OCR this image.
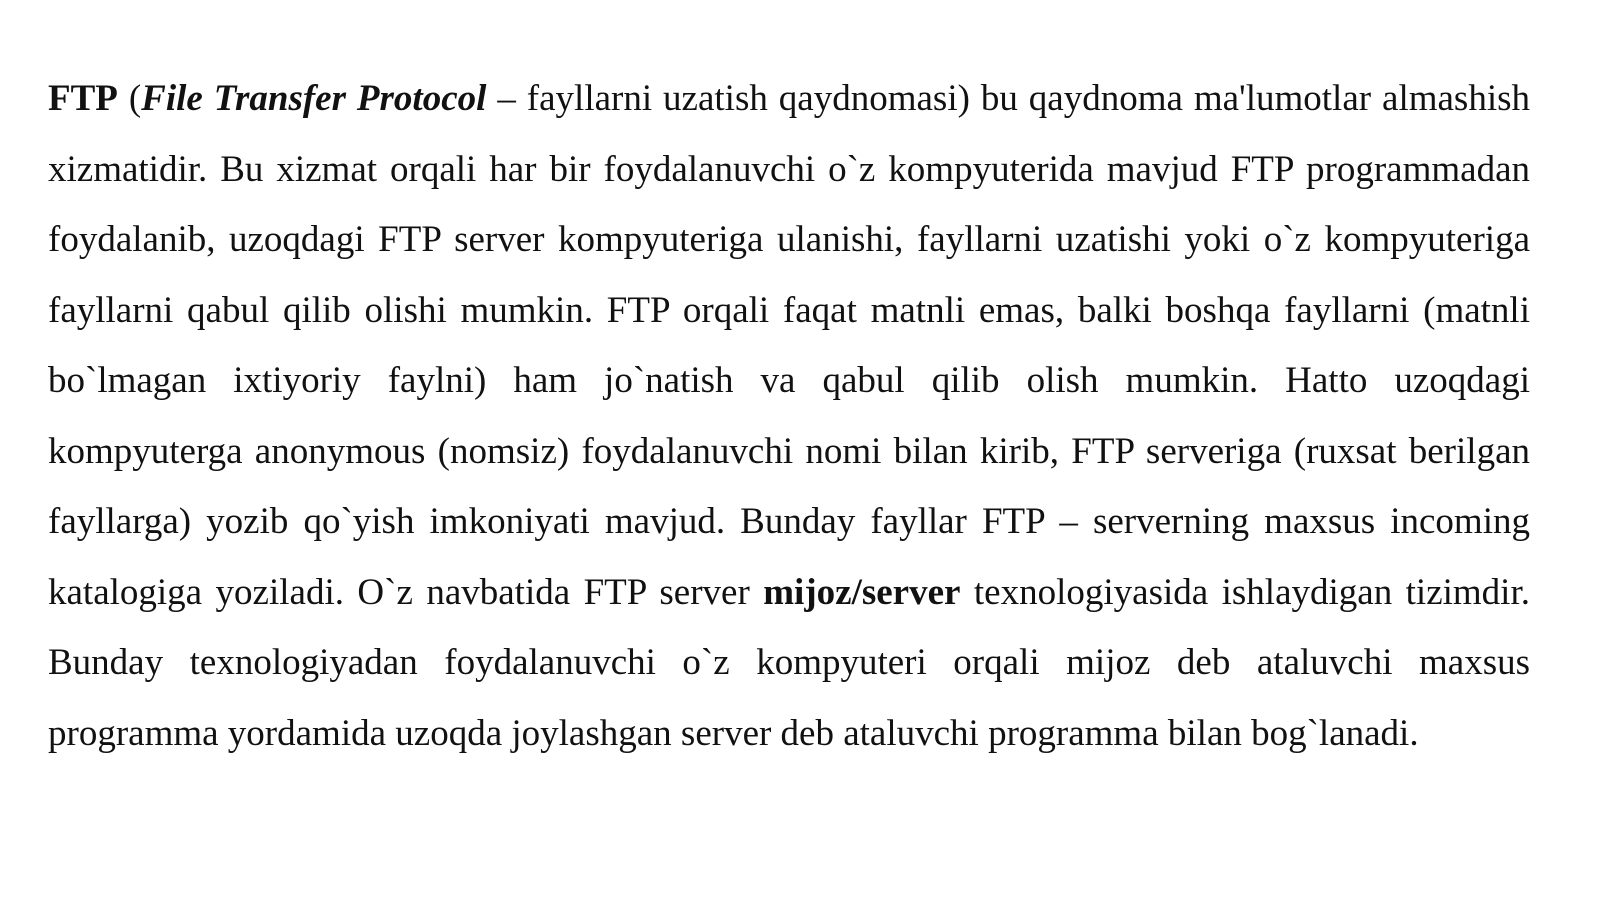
FTP (File Transfer Protocol – fayllarni uzatish qaydnomasi) bu qaydnoma ma'lumotlar almashish xizmatidir. Bu xizmat orqali har bir foydalanuvchi o`z kompyuterida mavjud FTP programmadan foydalanib, uzoqdagi FTP server kompyuteriga ulanishi, fayllarni uzatishi yoki o`z kompyuteriga fayllarni qabul qilib olishi mumkin. FTP orqali faqat matnli emas, balki boshqa fayllarni (matnli bo`lmagan ixtiyoriy faylni) ham jo`natish va qabul qilib olish mumkin. Hatto uzoqdagi kompyuterga anonymous (nomsiz) foydalanuvchi nomi bilan kirib, FTP serveriga (ruxsat berilgan fayllarga) yozib qo`yish imkoniyati mavjud. Bunday fayllar FTP – serverning maxsus incoming katalogiga yoziladi. O`z navbatida FTP server mijoz/server texnologiyasida ishlaydigan tizimdir. Bunday texnologiyadan foydalanuvchi o`z kompyuteri orqali mijoz deb ataluvchi maxsus programma yordamida uzoqda joylashgan server deb ataluvchi programma bilan bog`lanadi.
